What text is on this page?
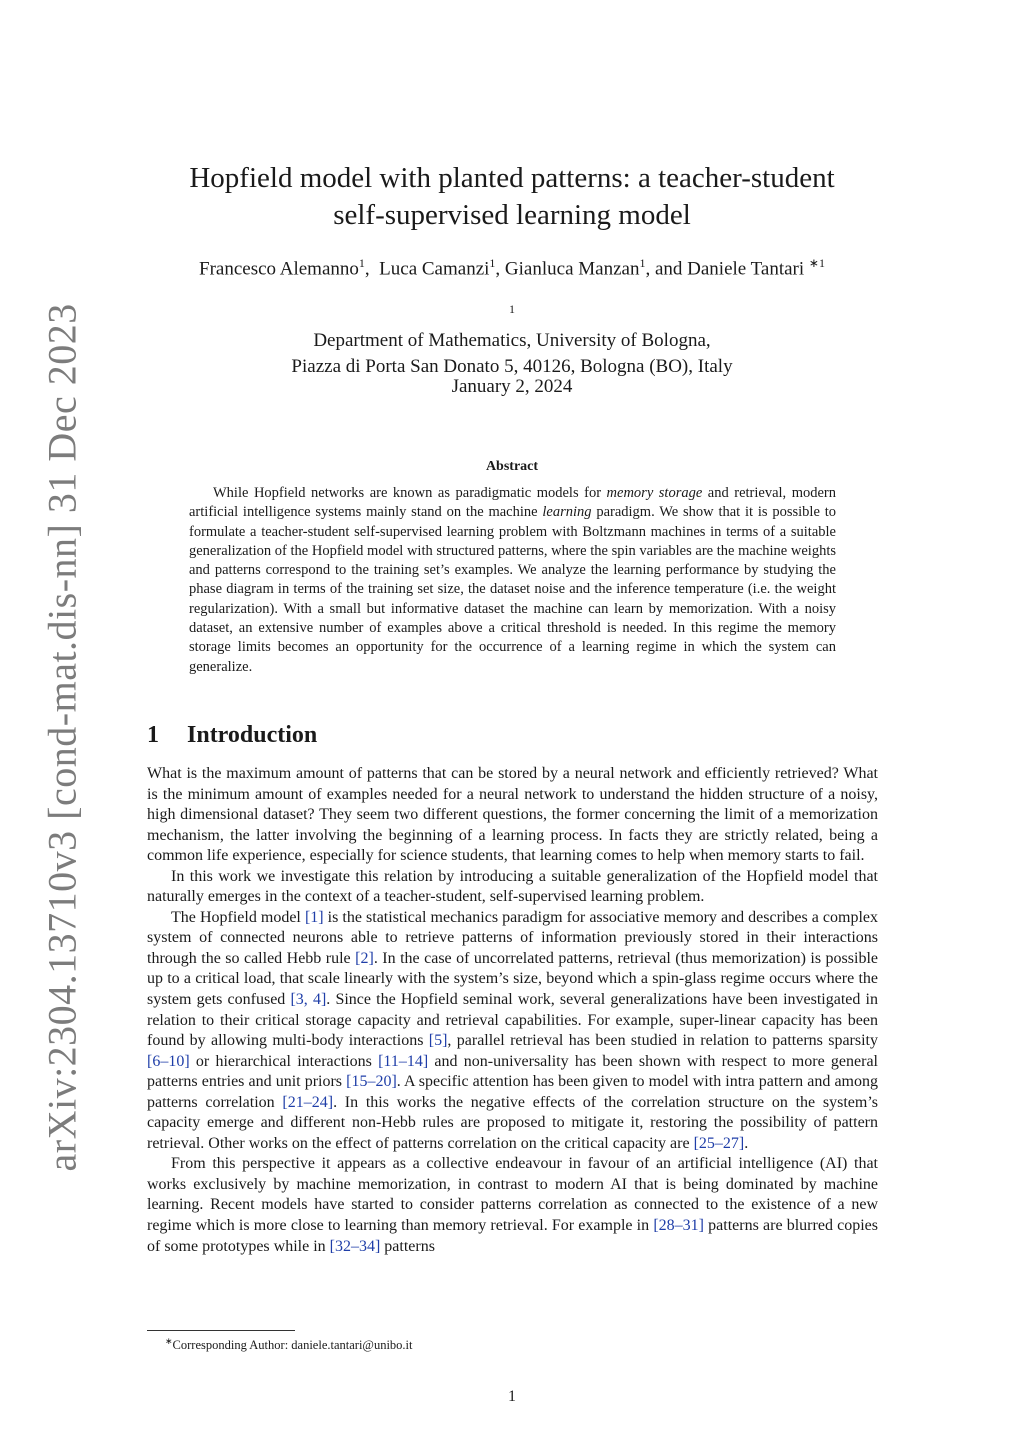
arXiv:2304.13710v3 [cond-mat.dis-nn] 31 Dec 2023
Hopfield model with planted patterns: a teacher-student
self-supervised learning model
Francesco Alemanno$^1$,  Luca Camanzi$^1$, Gianluca Manzan$^1$, and Daniele Tantari $^{∗1}$
$^1$
Department of Mathematics, University of Bologna,
Piazza di Porta San Donato 5, 40126, Bologna (BO), Italy
January 2, 2024
Abstract

While Hopfield networks are known as paradigmatic models for memory storage and retrieval, modern artificial intelligence systems mainly stand on the machine learning paradigm. We show that it is possible to formulate a teacher-student self-supervised learning problem with Boltzmann machines in terms of a suitable generalization of the Hopfield model with structured patterns, where the spin variables are the machine weights and patterns correspond to the training set’s examples. We analyze the learning performance by studying the phase diagram in terms of the training set size, the dataset noise and the inference temperature (i.e. the weight regularization). With a small but informative dataset the machine can learn by memorization. With a noisy dataset, an extensive number of examples above a critical threshold is needed. In this regime the memory storage limits becomes an opportunity for the occurrence of a learning regime in which the system can generalize.

1 Introduction

What is the maximum amount of patterns that can be stored by a neural network and efficiently retrieved? What is the minimum amount of examples needed for a neural network to understand the hidden structure of a noisy, high dimensional dataset? They seem two different questions, the former concerning the limit of a memorization mechanism, the latter involving the beginning of a learning process. In facts they are strictly related, being a common life experience, especially for science students, that learning comes to help when memory starts to fail.

In this work we investigate this relation by introducing a suitable generalization of the Hopfield model that naturally emerges in the context of a teacher-student, self-supervised learning problem.

The Hopfield model [1] is the statistical mechanics paradigm for associative memory and describes a complex system of connected neurons able to retrieve patterns of information previously stored in their interactions through the so called Hebb rule [2]. In the case of uncorrelated patterns, retrieval (thus memorization) is possible up to a critical load, that scale linearly with the system’s size, beyond which a spin-glass regime occurs where the system gets confused [3, 4]. Since the Hopfield seminal work, several generalizations have been investigated in relation to their critical storage capacity and retrieval capabilities. For example, super-linear capacity has been found by allowing multi-body interactions [5], parallel retrieval has been studied in relation to patterns sparsity [6–10] or hierarchical interactions [11–14] and non-universality has been shown with respect to more general patterns entries and unit priors [15–20]. A specific attention has been given to model with intra pattern and among patterns correlation [21–24]. In this works the negative effects of the correlation structure on the system’s capacity emerge and different non-Hebb rules are proposed to mitigate it, restoring the possibility of pattern retrieval. Other works on the effect of patterns correlation on the critical capacity are [25–27].

From this perspective it appears as a collective endeavour in favour of an artificial intelligence (AI) that works exclusively by machine memorization, in contrast to modern AI that is being dominated by machine learning. Recent models have started to consider patterns correlation as connected to the existence of a new regime which is more close to learning than memory retrieval. For example in [28–31] patterns are blurred copies of some prototypes while in [32–34] patterns

∗Corresponding Author: daniele.tantari@unibo.it
1
